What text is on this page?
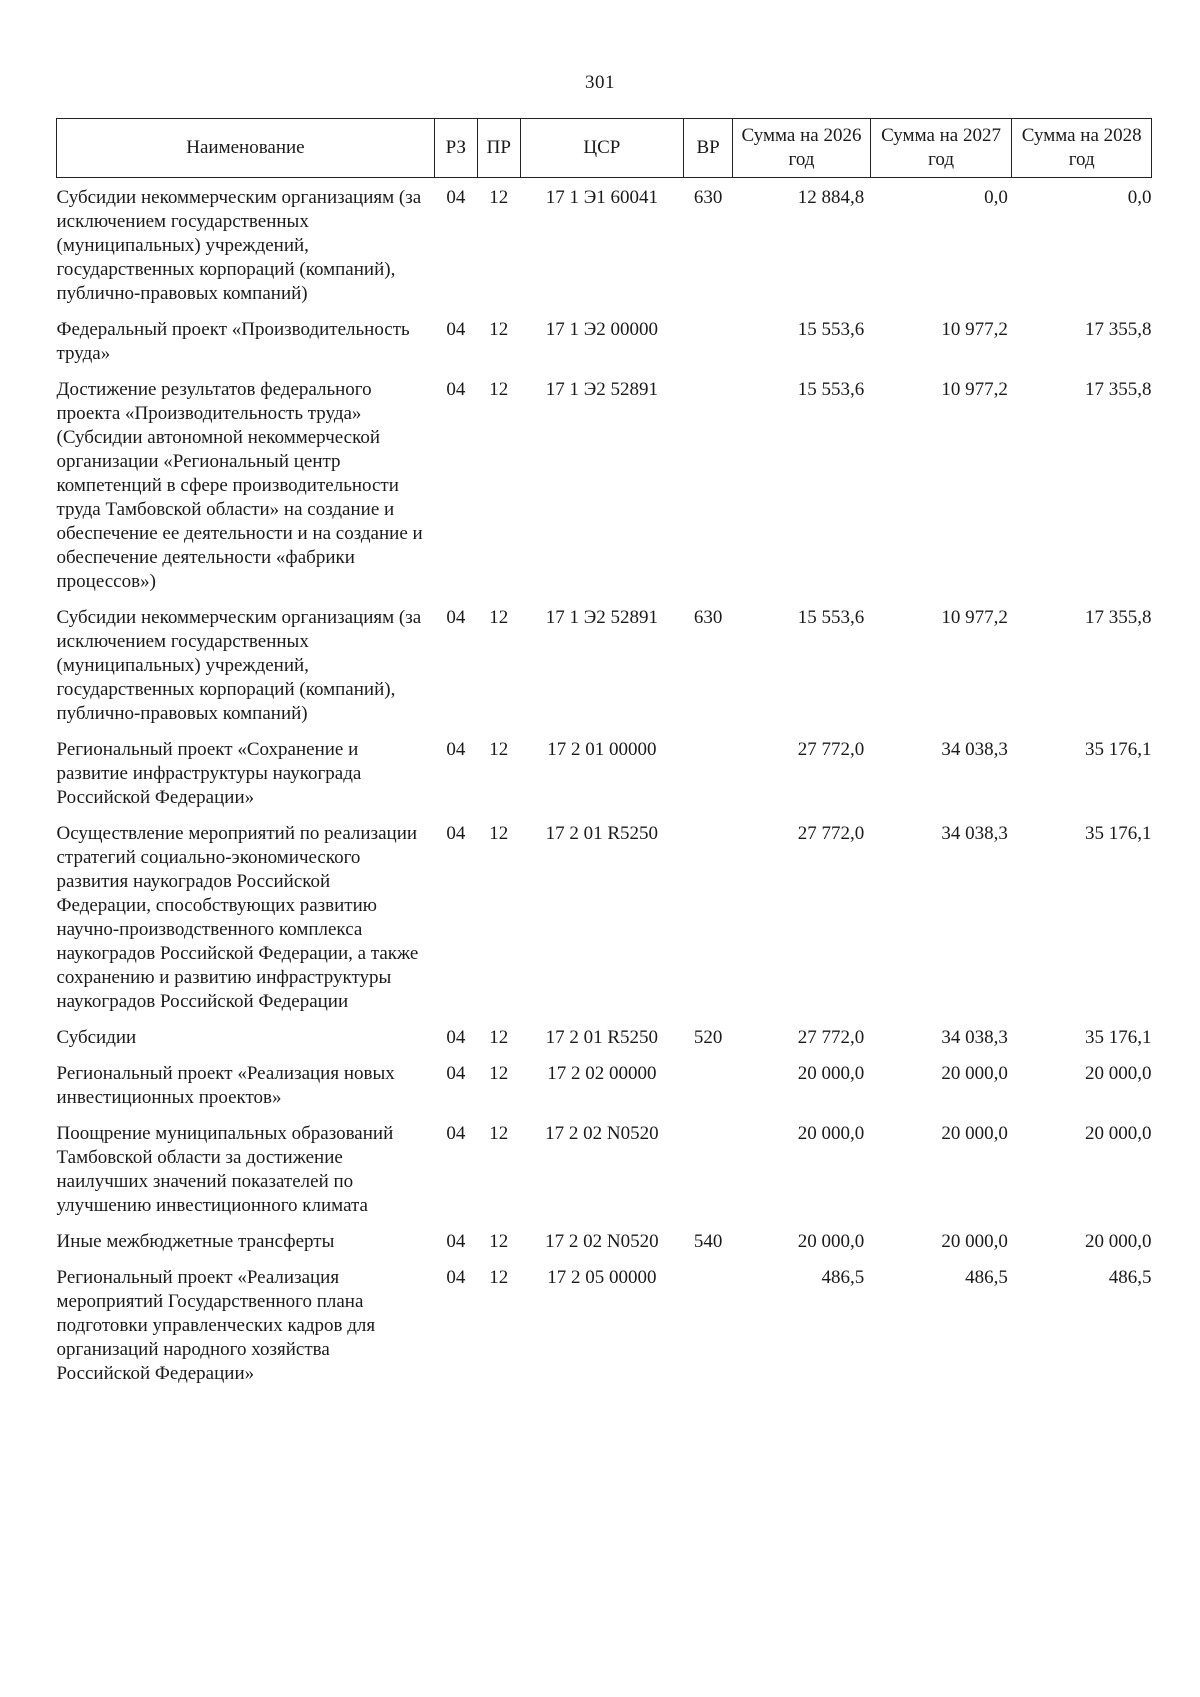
301
Наименование	РЗ	ПР	ЦСР	ВР	Сумма на 2026 год	Сумма на 2027 год	Сумма на 2028 год
Субсидии некоммерческим организациям (за исключением государственных (муниципальных) учреждений, государственных корпораций (компаний), публично-правовых компаний)	04	12	17 1 Э1 60041	630	12 884,8	0,0	0,0
Федеральный проект «Производительность труда»	04	12	17 1 Э2 00000		15 553,6	10 977,2	17 355,8
Достижение результатов федерального проекта «Производительность труда» (Субсидии автономной некоммерческой организации «Региональный центр компетенций в сфере производительности труда Тамбовской области» на создание и обеспечение ее деятельности и на создание и обеспечение деятельности «фабрики процессов»)	04	12	17 1 Э2 52891		15 553,6	10 977,2	17 355,8
Субсидии некоммерческим организациям (за исключением государственных (муниципальных) учреждений, государственных корпораций (компаний), публично-правовых компаний)	04	12	17 1 Э2 52891	630	15 553,6	10 977,2	17 355,8
Региональный проект «Сохранение и развитие инфраструктуры наукограда Российской Федерации»	04	12	17 2 01 00000		27 772,0	34 038,3	35 176,1
Осуществление мероприятий по реализации стратегий социально-экономического развития наукоградов Российской Федерации, способствующих развитию научно-производственного комплекса наукоградов Российской Федерации, а также сохранению и развитию инфраструктуры наукоградов Российской Федерации	04	12	17 2 01 R5250		27 772,0	34 038,3	35 176,1
Субсидии	04	12	17 2 01 R5250	520	27 772,0	34 038,3	35 176,1
Региональный проект «Реализация новых инвестиционных проектов»	04	12	17 2 02 00000		20 000,0	20 000,0	20 000,0
Поощрение муниципальных образований Тамбовской области за достижение наилучших значений показателей по улучшению инвестиционного климата	04	12	17 2 02 N0520		20 000,0	20 000,0	20 000,0
Иные межбюджетные трансферты	04	12	17 2 02 N0520	540	20 000,0	20 000,0	20 000,0
Региональный проект «Реализация мероприятий Государственного плана подготовки управленческих кадров для организаций народного хозяйства Российской Федерации»	04	12	17 2 05 00000		486,5	486,5	486,5
